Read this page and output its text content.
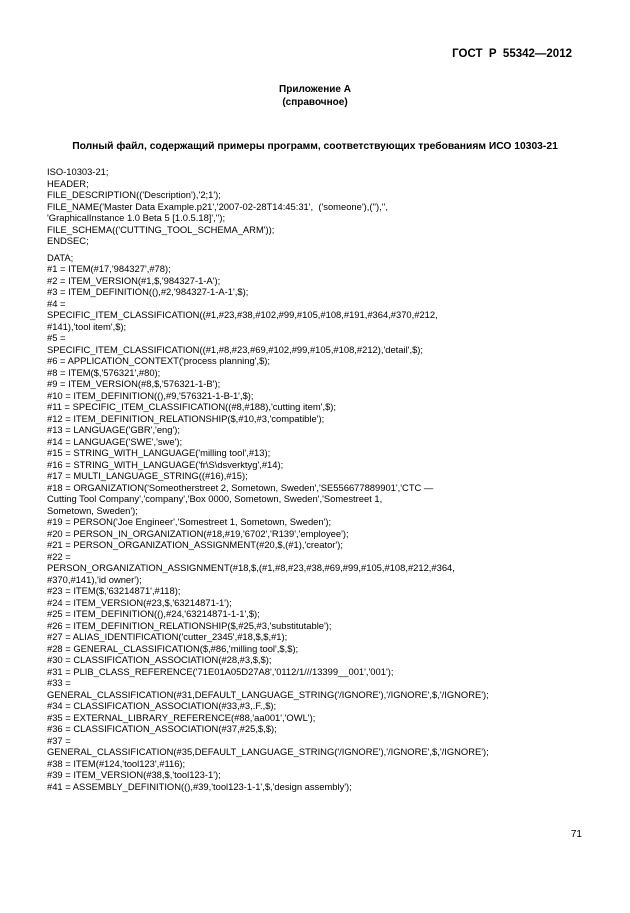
ГОСТ  Р  55342—2012
Приложение А
(справочное)
Полный файл, содержащий примеры программ, соответствующих требованиям ИСО 10303-21
ISO-10303-21;
HEADER;
FILE_DESCRIPTION(('Description'),'2;1');
FILE_NAME('Master Data Example.p21','2007-02-28T14:45:31',  ('someone'),(''),'',
'GraphicalInstance 1.0 Beta 5 [1.0.5.18]','');
FILE_SCHEMA(('CUTTING_TOOL_SCHEMA_ARM'));
ENDSEC;
DATA;
#1 = ITEM(#17,'984327',#78);
#2 = ITEM_VERSION(#1,$,'984327-1-A');
#3 = ITEM_DEFINITION((),#2,'984327-1-A-1',$);
#4 =
SPECIFIC_ITEM_CLASSIFICATION((#1,#23,#38,#102,#99,#105,#108,#191,#364,#370,#212,
#141),'tool item',$);
#5 =
SPECIFIC_ITEM_CLASSIFICATION((#1,#8,#23,#69,#102,#99,#105,#108,#212),'detail',$);
#6 = APPLICATION_CONTEXT('process planning',$);
#8 = ITEM($,'576321',#80);
#9 = ITEM_VERSION(#8,$,'576321-1-B');
#10 = ITEM_DEFINITION((),#9,'576321-1-B-1',$);
#11 = SPECIFIC_ITEM_CLASSIFICATION((#8,#188),'cutting item',$);
#12 = ITEM_DEFINITION_RELATIONSHIP($,#10,#3,'compatible');
#13 = LANGUAGE('GBR','eng');
#14 = LANGUAGE('SWE','swe');
#15 = STRING_WITH_LANGUAGE('milling tool',#13);
#16 = STRING_WITH_LANGUAGE('fr\S\dsverktyg',#14);
#17 = MULTI_LANGUAGE_STRING((#16),#15);
#18 = ORGANIZATION('Someotherstreet 2, Sometown, Sweden','SE556677889901','CTC —
Cutting Tool Company','company','Box 0000, Sometown, Sweden','Somestreet 1,
Sometown, Sweden');
#19 = PERSON('Joe Engineer','Somestreet 1, Sometown, Sweden');
#20 = PERSON_IN_ORGANIZATION(#18,#19,'6702','R139','employee');
#21 = PERSON_ORGANIZATION_ASSIGNMENT(#20,$,(#1),'creator');
#22 =
PERSON_ORGANIZATION_ASSIGNMENT(#18,$,(#1,#8,#23,#38,#69,#99,#105,#108,#212,#364,
#370,#141),'id owner');
#23 = ITEM($,'63214871',#118);
#24 = ITEM_VERSION(#23,$,'63214871-1');
#25 = ITEM_DEFINITION((),#24,'63214871-1-1',$);
#26 = ITEM_DEFINITION_RELATIONSHIP($,#25,#3,'substitutable');
#27 = ALIAS_IDENTIFICATION('cutter_2345',#18,$,$,#1);
#28 = GENERAL_CLASSIFICATION($,#86,'milling tool',$,$);
#30 = CLASSIFICATION_ASSOCIATION(#28,#3,$,$);
#31 = PLIB_CLASS_REFERENCE('71E01A05D27A8','0112/1///13399__001','001');
#33 =
GENERAL_CLASSIFICATION(#31,DEFAULT_LANGUAGE_STRING('/IGNORE'),'/IGNORE',$,'/IGNORE');
#34 = CLASSIFICATION_ASSOCIATION(#33,#3,.F.,$);
#35 = EXTERNAL_LIBRARY_REFERENCE(#88,'aa001','OWL');
#36 = CLASSIFICATION_ASSOCIATION(#37,#25,$,$);
#37 =
GENERAL_CLASSIFICATION(#35,DEFAULT_LANGUAGE_STRING('/IGNORE'),'/IGNORE',$,'/IGNORE');
#38 = ITEM(#124,'tool123',#116);
#39 = ITEM_VERSION(#38,$,'tool123-1');
#41 = ASSEMBLY_DEFINITION((),#39,'tool123-1-1',$,'design assembly');
71
